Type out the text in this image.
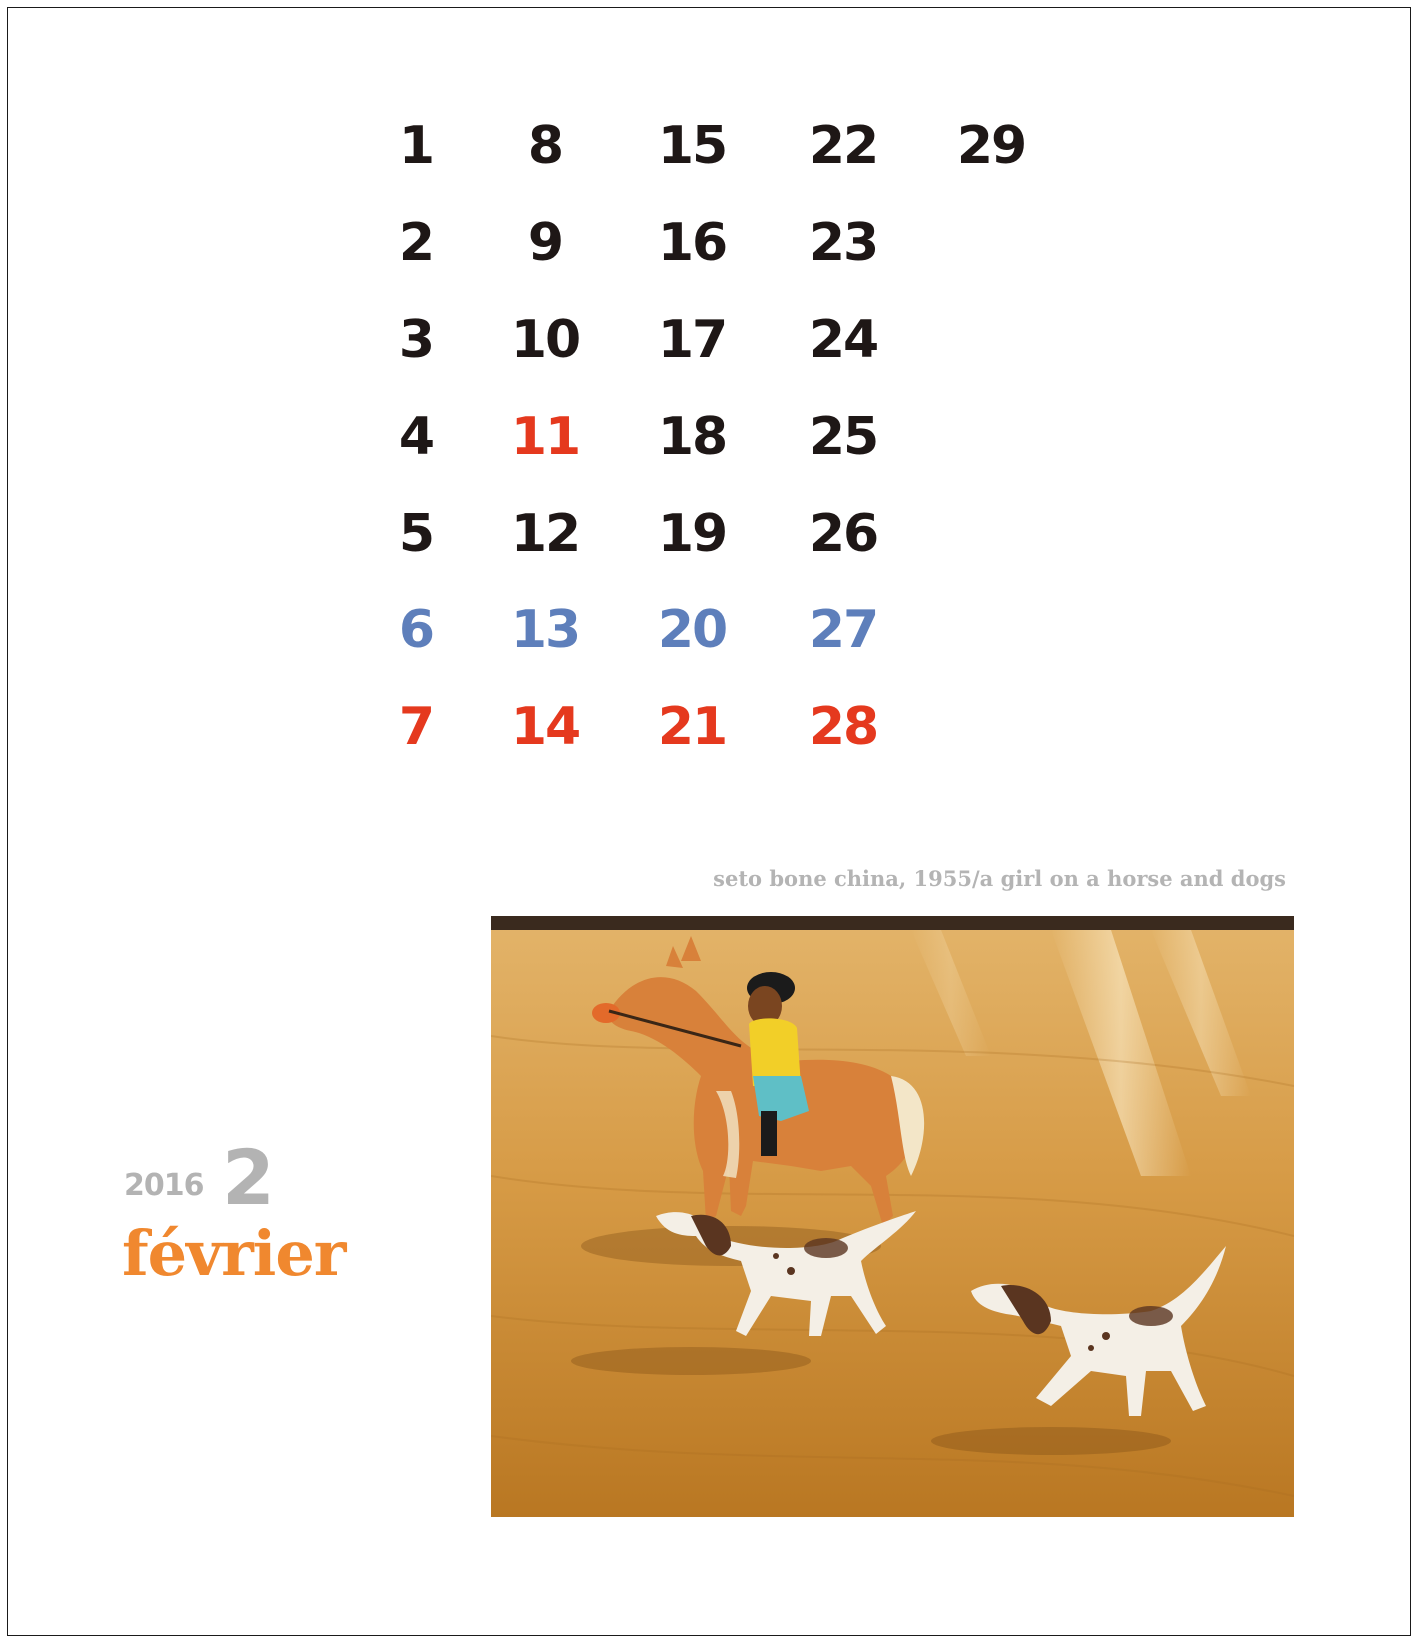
1	8	15	22	29
2	9	16	23
3	10	17	24
4	11	18	25
5	12	19	26
6	13	20	27
7	14	21	28
seto bone china, 1955/a girl on a horse and dogs
2016 2
février
